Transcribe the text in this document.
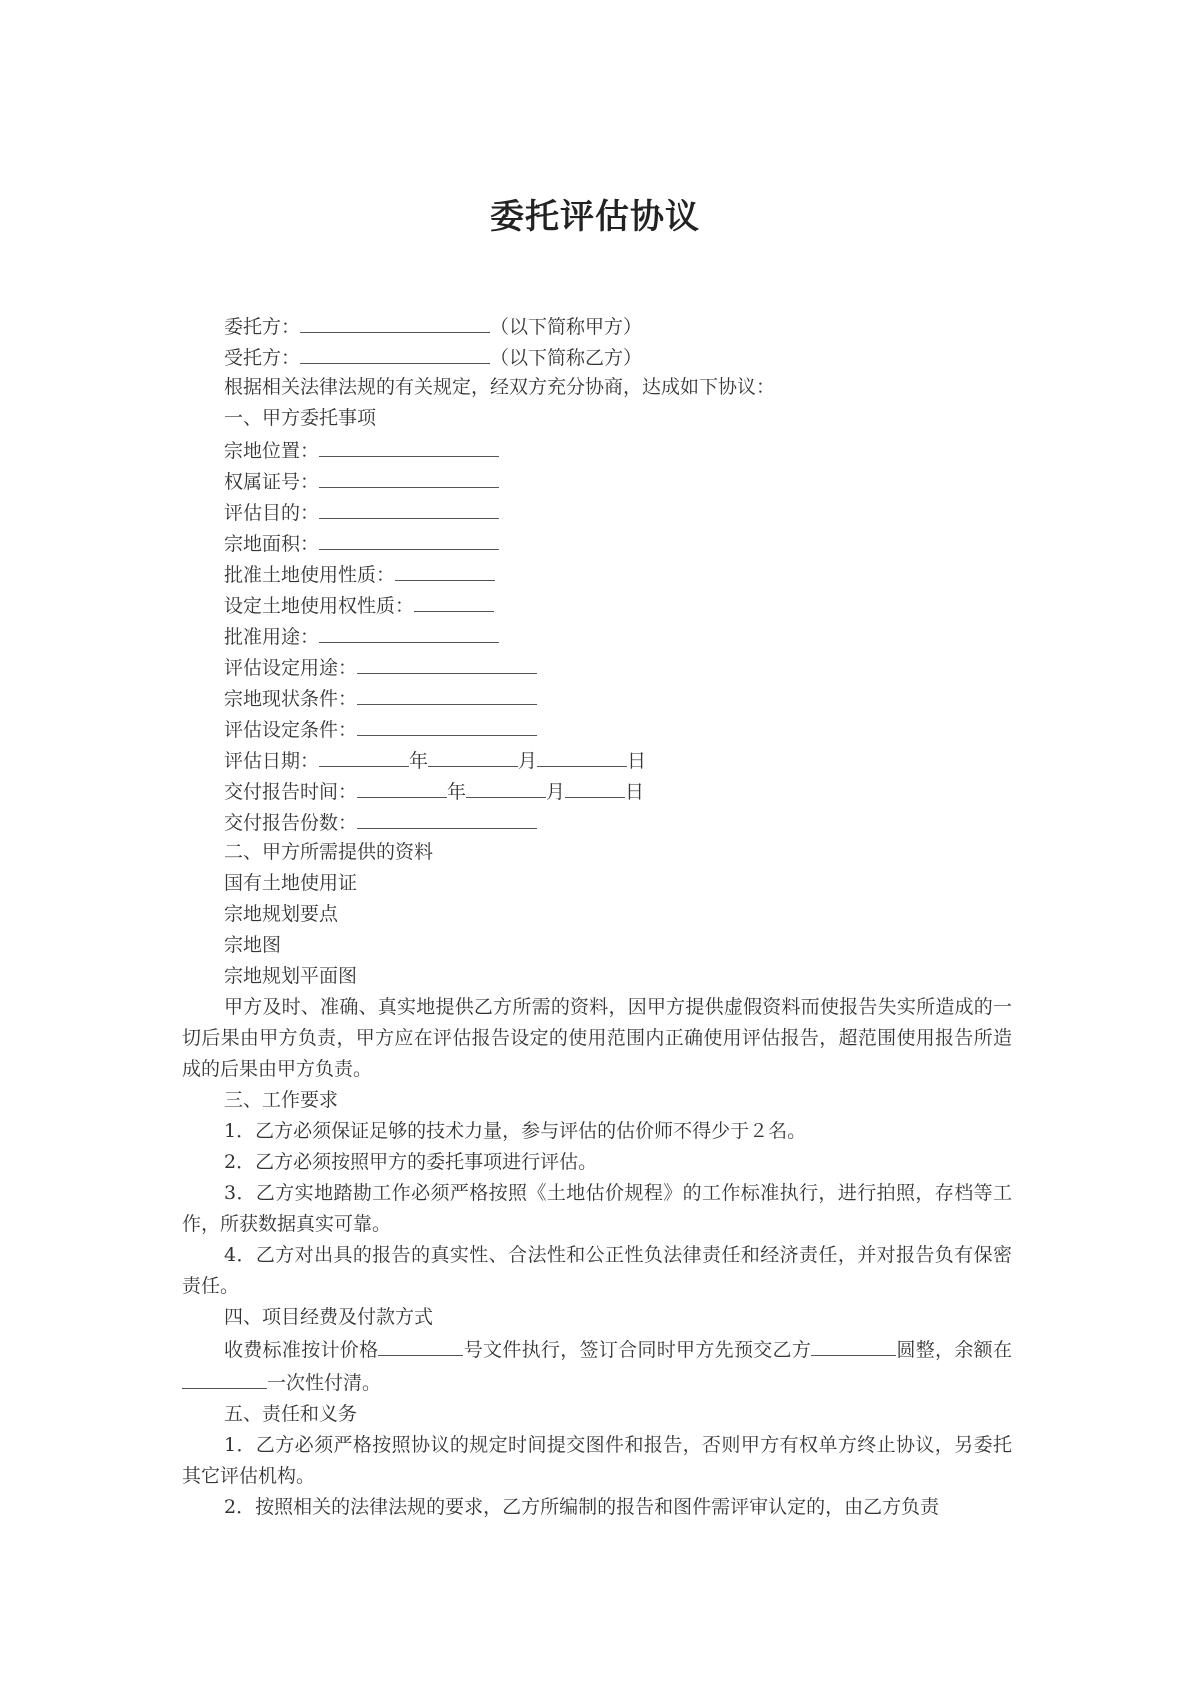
委托评估协议
委托方：	（以下简称甲方）
受托方：	（以下简称乙方）
根据相关法律法规的有关规定，经双方充分协商，达成如下协议：
一、甲方委托事项
宗地位置：
权属证号：
评估目的：
宗地面积：
批准土地使用性质：
设定土地使用权性质：
批准用途：
评估设定用途：
宗地现状条件：
评估设定条件：
评估日期：	年	月	日
交付报告时间：	年	月	日
交付报告份数：
二、甲方所需提供的资料
国有土地使用证
宗地规划要点
宗地图
宗地规划平面图
甲方及时、准确、真实地提供乙方所需的资料，因甲方提供虚假资料而使报告失实所造成的一切后果由甲方负责，甲方应在评估报告设定的使用范围内正确使用评估报告，超范围使用报告所造成的后果由甲方负责。
三、工作要求
1．乙方必须保证足够的技术力量，参与评估的估价师不得少于２名。
2．乙方必须按照甲方的委托事项进行评估。
3．乙方实地踏勘工作必须严格按照《土地估价规程》的工作标准执行，进行拍照，存档等工作，所获数据真实可靠。
4．乙方对出具的报告的真实性、合法性和公正性负法律责任和经济责任，并对报告负有保密责任。
四、项目经费及付款方式
收费标准按计价格	号文件执行，签订合同时甲方先预交乙方	圆整，余额在一次性付清。
五、责任和义务
1．乙方必须严格按照协议的规定时间提交图件和报告，否则甲方有权单方终止协议，另委托其它评估机构。
2．按照相关的法律法规的要求，乙方所编制的报告和图件需评审认定的，由乙方负责
